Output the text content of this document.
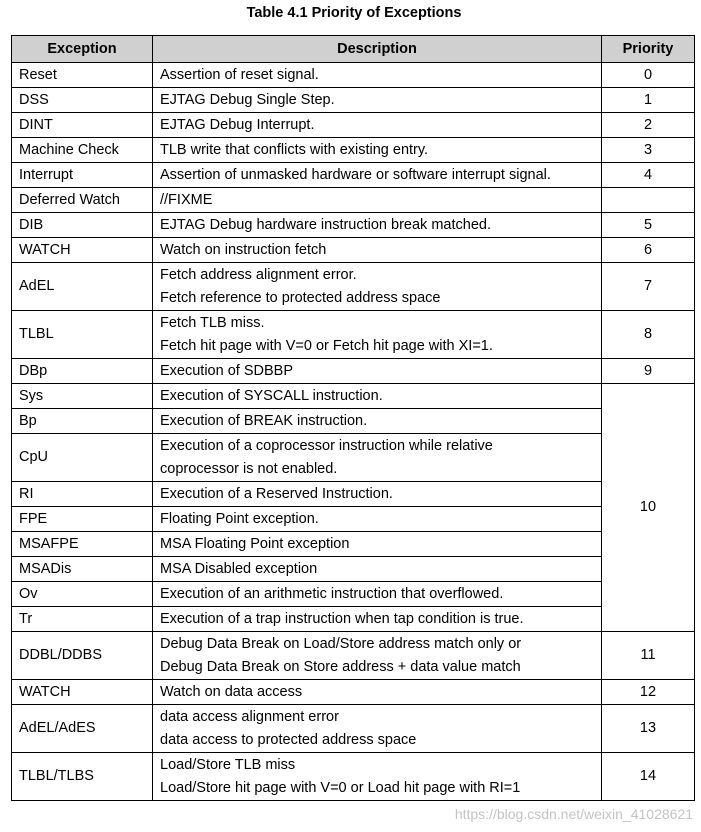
Table 4.1 Priority of Exceptions
Exception	Description	Priority
Reset	Assertion of reset signal.	0
DSS	EJTAG Debug Single Step.	1
DINT	EJTAG Debug Interrupt.	2
Machine Check	TLB write that conflicts with existing entry.	3
Interrupt	Assertion of unmasked hardware or software interrupt signal.	4
Deferred Watch	//FIXME	

DIB	EJTAG Debug hardware instruction break matched.	5
WATCH	Watch on instruction fetch	6
AdEL	Fetch address alignment error.
Fetch reference to protected address space	7
TLBL	Fetch TLB miss.
Fetch hit page with V=0 or Fetch hit page with XI=1.	8
DBp	Execution of SDBBP	9
Sys	Execution of SYSCALL instruction.	10
Bp	Execution of BREAK instruction.	

CpU	Execution of a coprocessor instruction while relative
coprocessor is not enabled.	

RI	Execution of a Reserved Instruction.	

FPE	Floating Point exception.	

MSAFPE	MSA Floating Point exception	

MSADis	MSA Disabled exception	

Ov	Execution of an arithmetic instruction that overflowed.	

Tr	Execution of a trap instruction when tap condition is true.	

DDBL/DDBS	Debug Data Break on Load/Store address match only or
Debug Data Break on Store address + data value match	11
WATCH	Watch on data access	12
AdEL/AdES	data access alignment error
data access to protected address space	13
TLBL/TLBS	Load/Store TLB miss
Load/Store hit page with V=0 or Load hit page with RI=1	14
https://blog.csdn.net/weixin_41028621
